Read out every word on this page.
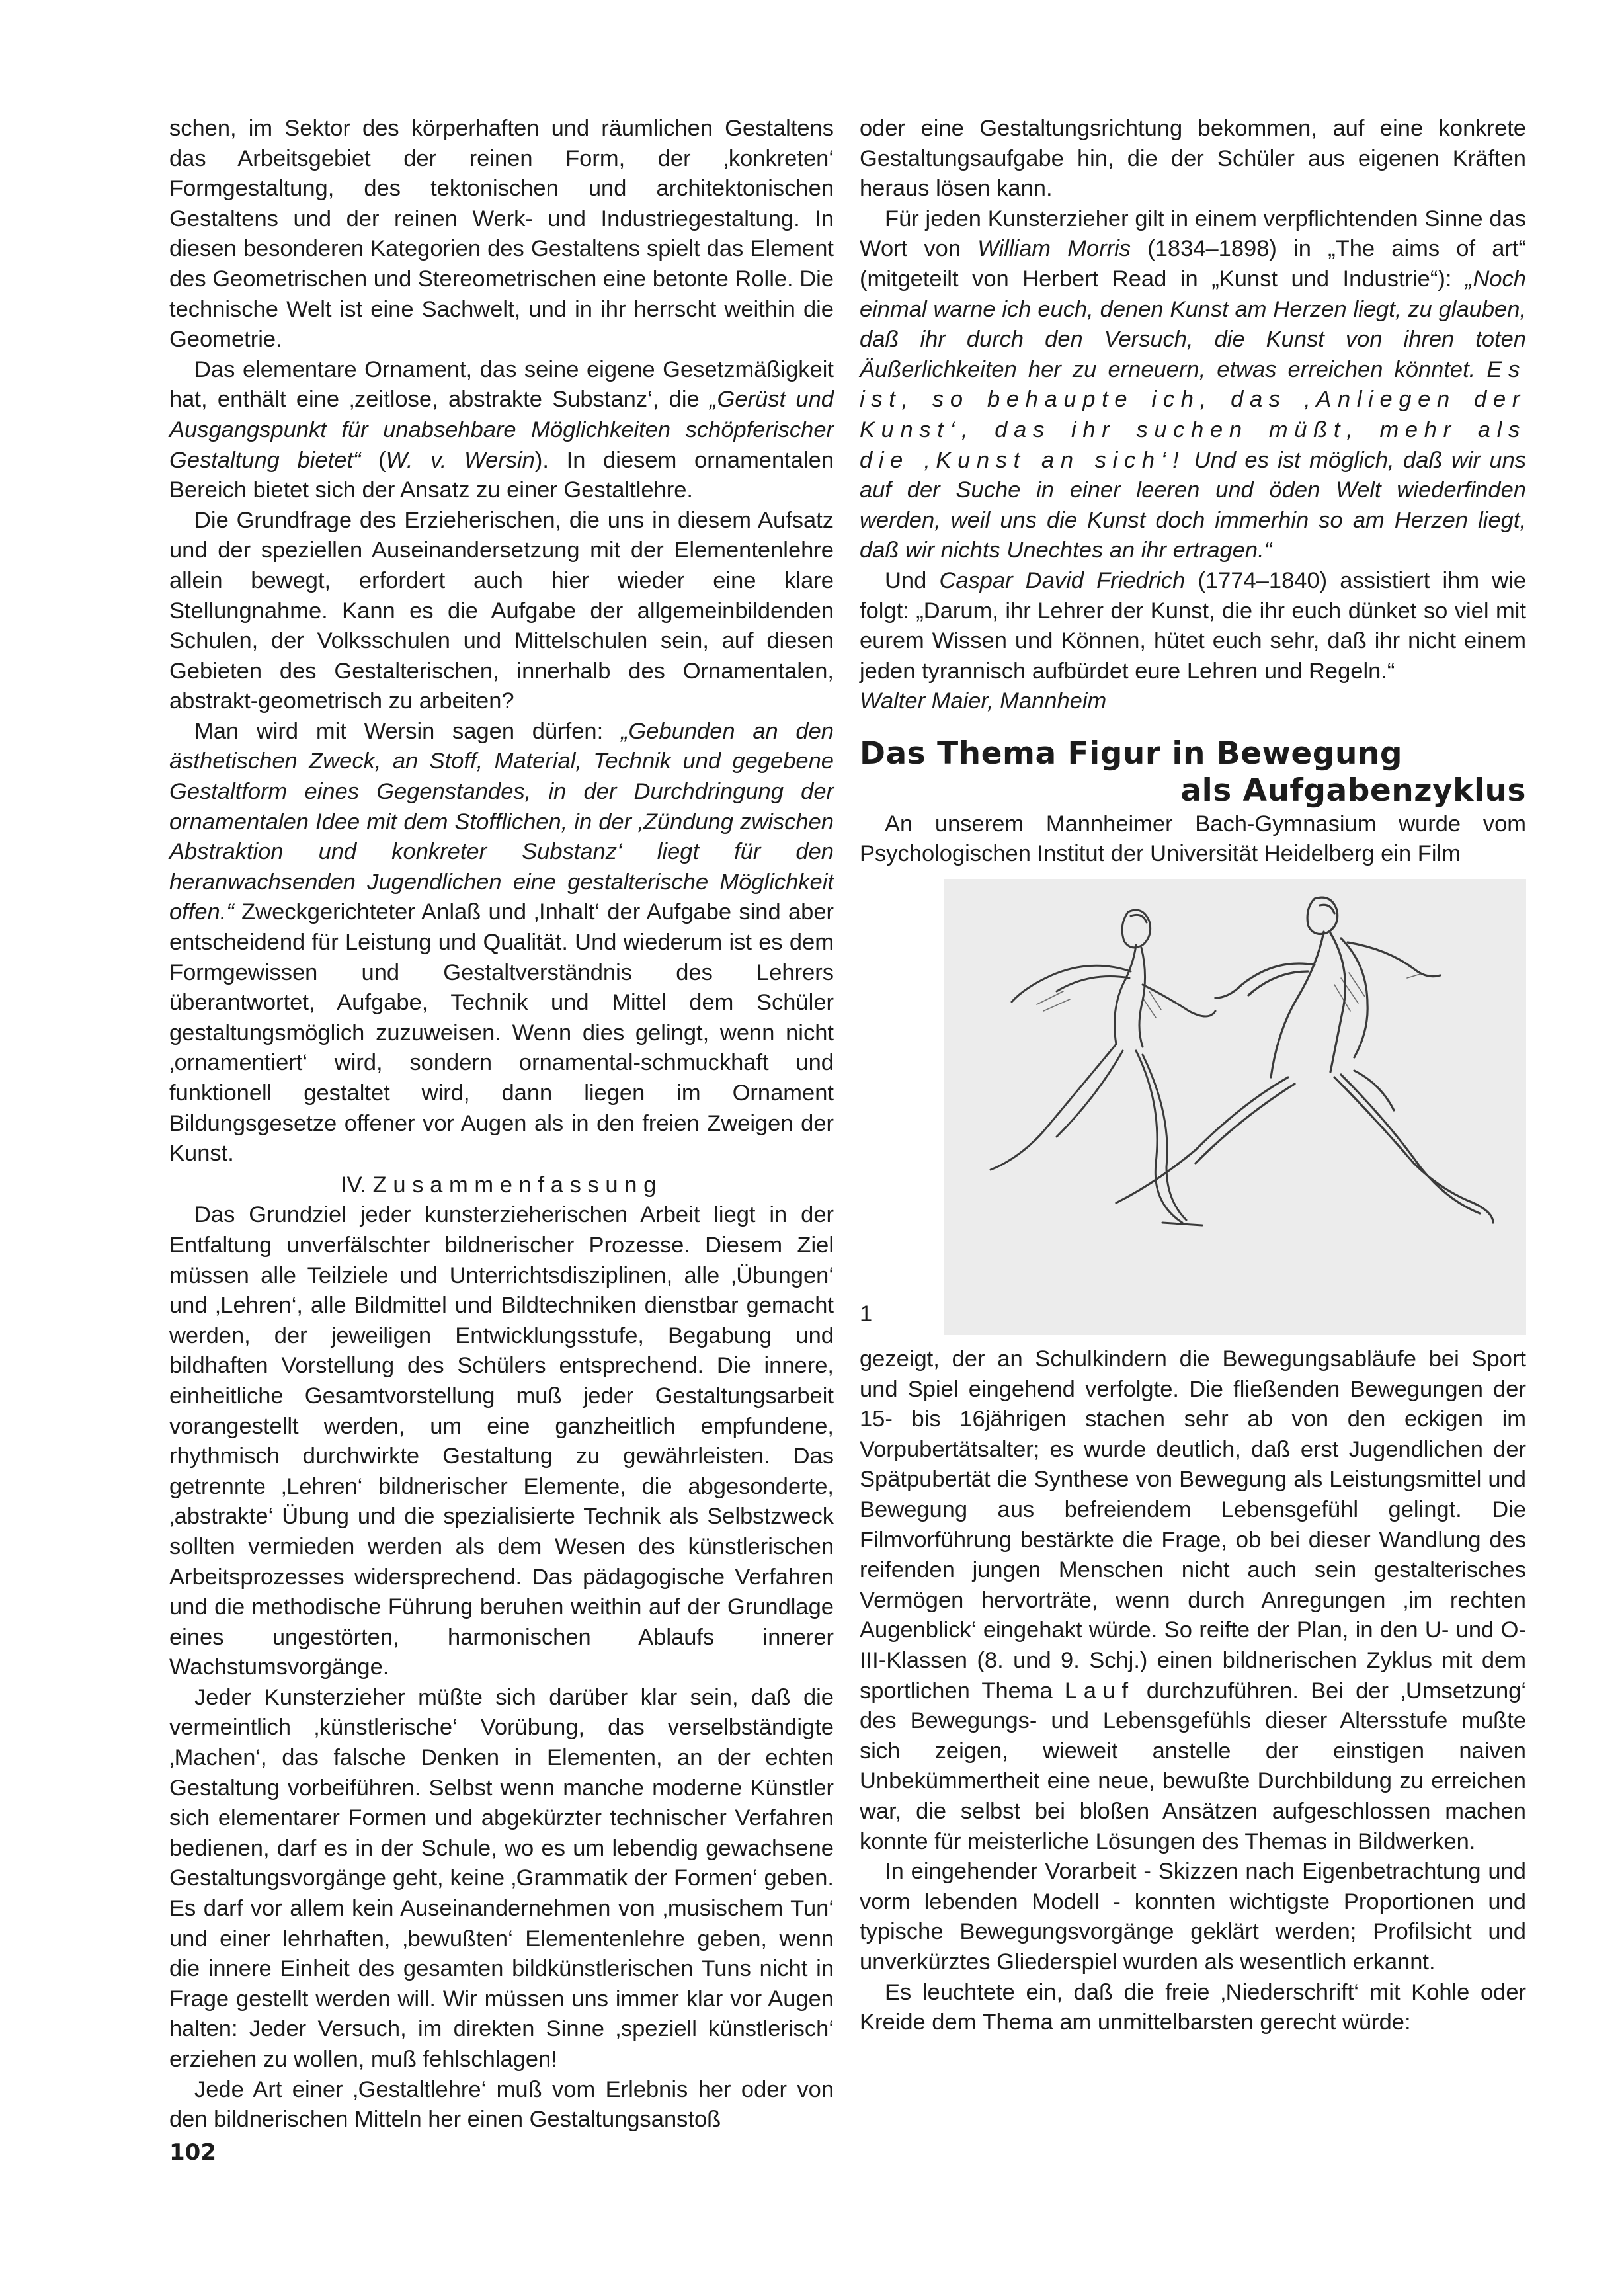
schen, im Sektor des körperhaften und räumlichen Gestaltens das Arbeitsgebiet der reinen Form, der ‚konkreten‘ Formgestaltung, des tektonischen und architektonischen Gestaltens und der reinen Werk- und Industriegestaltung. In diesen besonderen Kategorien des Gestaltens spielt das Element des Geometrischen und Stereometrischen eine betonte Rolle. Die technische Welt ist eine Sachwelt, und in ihr herrscht weithin die Geometrie.

Das elementare Ornament, das seine eigene Gesetzmäßigkeit hat, enthält eine ‚zeitlose, abstrakte Substanz‘, die „Gerüst und Ausgangspunkt für unabsehbare Möglichkeiten schöpferischer Gestaltung bietet“ (W. v. Wersin). In diesem ornamentalen Bereich bietet sich der Ansatz zu einer Gestaltlehre.

Die Grundfrage des Erzieherischen, die uns in diesem Aufsatz und der speziellen Auseinandersetzung mit der Elementenlehre allein bewegt, erfordert auch hier wieder eine klare Stellungnahme. Kann es die Aufgabe der allgemeinbildenden Schulen, der Volksschulen und Mittelschulen sein, auf diesen Gebieten des Gestalterischen, innerhalb des Ornamentalen, abstrakt-geometrisch zu arbeiten?

Man wird mit Wersin sagen dürfen: „Gebunden an den ästhetischen Zweck, an Stoff, Material, Technik und gegebene Gestaltform eines Gegenstandes, in der Durchdringung der ornamentalen Idee mit dem Stofflichen, in der ‚Zündung zwischen Abstraktion und konkreter Substanz‘ liegt für den heranwachsenden Jugendlichen eine gestalterische Möglichkeit offen.“ Zweckgerichteter Anlaß und ‚Inhalt‘ der Aufgabe sind aber entscheidend für Leistung und Qualität. Und wiederum ist es dem Formgewissen und Gestaltverständnis des Lehrers überantwortet, Aufgabe, Technik und Mittel dem Schüler gestaltungsmöglich zuzuweisen. Wenn dies gelingt, wenn nicht ‚ornamentiert‘ wird, sondern ornamental-schmuckhaft und funktionell gestaltet wird, dann liegen im Ornament Bildungsgesetze offener vor Augen als in den freien Zweigen der Kunst.

IV. Zusammenfassung

Das Grundziel jeder kunsterzieherischen Arbeit liegt in der Entfaltung unverfälschter bildnerischer Prozesse. Diesem Ziel müssen alle Teilziele und Unterrichtsdisziplinen, alle ‚Übungen‘ und ‚Lehren‘, alle Bildmittel und Bildtechniken dienstbar gemacht werden, der jeweiligen Entwicklungsstufe, Begabung und bildhaften Vorstellung des Schülers entsprechend. Die innere, einheitliche Gesamtvorstellung muß jeder Gestaltungsarbeit vorangestellt werden, um eine ganzheitlich empfundene, rhythmisch durchwirkte Gestaltung zu gewährleisten. Das getrennte ‚Lehren‘ bildnerischer Elemente, die abgesonderte, ‚abstrakte‘ Übung und die spezialisierte Technik als Selbstzweck sollten vermieden werden als dem Wesen des künstlerischen Arbeitsprozesses widersprechend. Das pädagogische Verfahren und die methodische Führung beruhen weithin auf der Grundlage eines ungestörten, harmonischen Ablaufs innerer Wachstumsvorgänge.

Jeder Kunsterzieher müßte sich darüber klar sein, daß die vermeintlich ‚künstlerische‘ Vorübung, das verselbständigte ‚Machen‘, das falsche Denken in Elementen, an der echten Gestaltung vorbeiführen. Selbst wenn manche moderne Künstler sich elementarer Formen und abgekürzter technischer Verfahren bedienen, darf es in der Schule, wo es um lebendig gewachsene Gestaltungsvorgänge geht, keine ‚Grammatik der Formen‘ geben. Es darf vor allem kein Auseinandernehmen von ‚musischem Tun‘ und einer lehrhaften, ‚bewußten‘ Elementenlehre geben, wenn die innere Einheit des gesamten bildkünstlerischen Tuns nicht in Frage gestellt werden will. Wir müssen uns immer klar vor Augen halten: Jeder Versuch, im direkten Sinne ‚speziell künstlerisch‘ erziehen zu wollen, muß fehlschlagen!

Jede Art einer ‚Gestaltlehre‘ muß vom Erlebnis her oder von den bildnerischen Mitteln her einen Gestaltungsanstoß

oder eine Gestaltungsrichtung bekommen, auf eine konkrete Gestaltungsaufgabe hin, die der Schüler aus eigenen Kräften heraus lösen kann.

Für jeden Kunsterzieher gilt in einem verpflichtenden Sinne das Wort von William Morris (1834–1898) in „The aims of art“ (mitgeteilt von Herbert Read in „Kunst und Industrie“): „Noch einmal warne ich euch, denen Kunst am Herzen liegt, zu glauben, daß ihr durch den Versuch, die Kunst von ihren toten Äußerlichkeiten her zu erneuern, etwas erreichen könntet. Es ist, so behaupte ich, das ‚Anliegen der Kunst‘, das ihr suchen müßt, mehr als die ‚Kunst an sich‘! Und es ist möglich, daß wir uns auf der Suche in einer leeren und öden Welt wiederfinden werden, weil uns die Kunst doch immerhin so am Herzen liegt, daß wir nichts Unechtes an ihr ertragen.“

Und Caspar David Friedrich (1774–1840) assistiert ihm wie folgt: „Darum, ihr Lehrer der Kunst, die ihr euch dünket so viel mit eurem Wissen und Können, hütet euch sehr, daß ihr nicht einem jeden tyrannisch aufbürdet eure Lehren und Regeln.“

Walter Maier, Mannheim

Das Thema Figur in Bewegung
als Aufgabenzyklus

An unserem Mannheimer Bach-Gymnasium wurde vom Psychologischen Institut der Universität Heidelberg ein Film

1

gezeigt, der an Schulkindern die Bewegungsabläufe bei Sport und Spiel eingehend verfolgte. Die fließenden Bewegungen der 15- bis 16jährigen stachen sehr ab von den eckigen im Vorpubertätsalter; es wurde deutlich, daß erst Jugendlichen der Spätpubertät die Synthese von Bewegung als Leistungsmittel und Bewegung aus befreiendem Lebensgefühl gelingt. Die Filmvorführung bestärkte die Frage, ob bei dieser Wandlung des reifenden jungen Menschen nicht auch sein gestalterisches Vermögen hervorträte, wenn durch Anregungen ‚im rechten Augenblick‘ eingehakt würde. So reifte der Plan, in den U- und O-III-Klassen (8. und 9. Schj.) einen bildnerischen Zyklus mit dem sportlichen Thema Lauf durchzuführen. Bei der ‚Umsetzung‘ des Bewegungs- und Lebensgefühls dieser Altersstufe mußte sich zeigen, wieweit anstelle der einstigen naiven Unbekümmertheit eine neue, bewußte Durchbildung zu erreichen war, die selbst bei bloßen Ansätzen aufgeschlossen machen konnte für meisterliche Lösungen des Themas in Bildwerken.

In eingehender Vorarbeit - Skizzen nach Eigenbetrachtung und vorm lebenden Modell - konnten wichtigste Proportionen und typische Bewegungsvorgänge geklärt werden; Profilsicht und unverkürztes Gliederspiel wurden als wesentlich erkannt.

Es leuchtete ein, daß die freie ‚Niederschrift‘ mit Kohle oder Kreide dem Thema am unmittelbarsten gerecht würde:

102
